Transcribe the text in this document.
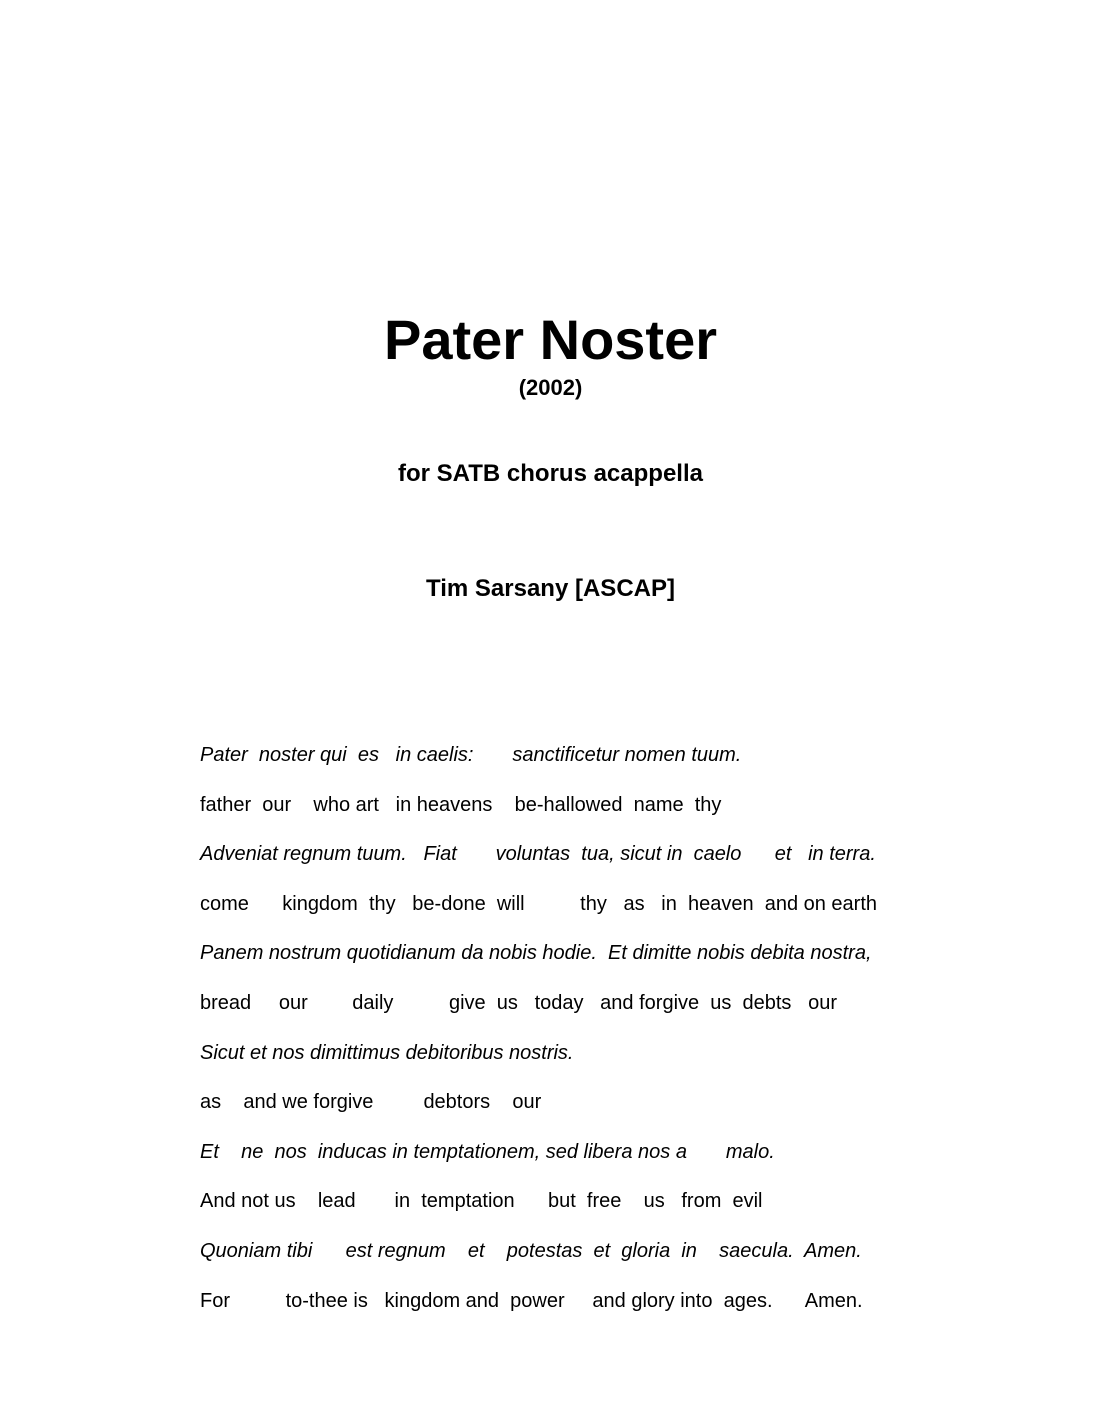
Pater Noster
(2002)
for SATB chorus acappella
Tim Sarsany [ASCAP]
Pater  noster qui  es   in caelis:       sanctificetur nomen tuum.
father  our    who art   in heavens    be-hallowed  name  thy
Adveniat regnum tuum.   Fiat       voluntas  tua, sicut in  caelo      et   in terra.
come      kingdom  thy   be-done  will          thy   as   in  heaven  and on earth
Panem nostrum quotidianum da nobis hodie.  Et dimitte nobis debita nostra,
bread     our        daily          give  us   today   and forgive  us  debts   our
Sicut et nos dimittimus debitoribus nostris.
as    and we forgive         debtors    our
Et    ne  nos  inducas in temptationem, sed libera nos a       malo.
And not us    lead       in  temptation      but  free    us   from  evil
Quoniam tibi      est regnum    et    potestas  et  gloria  in    saecula.  Amen.
For          to-thee is   kingdom and  power     and glory into  ages.      Amen.
